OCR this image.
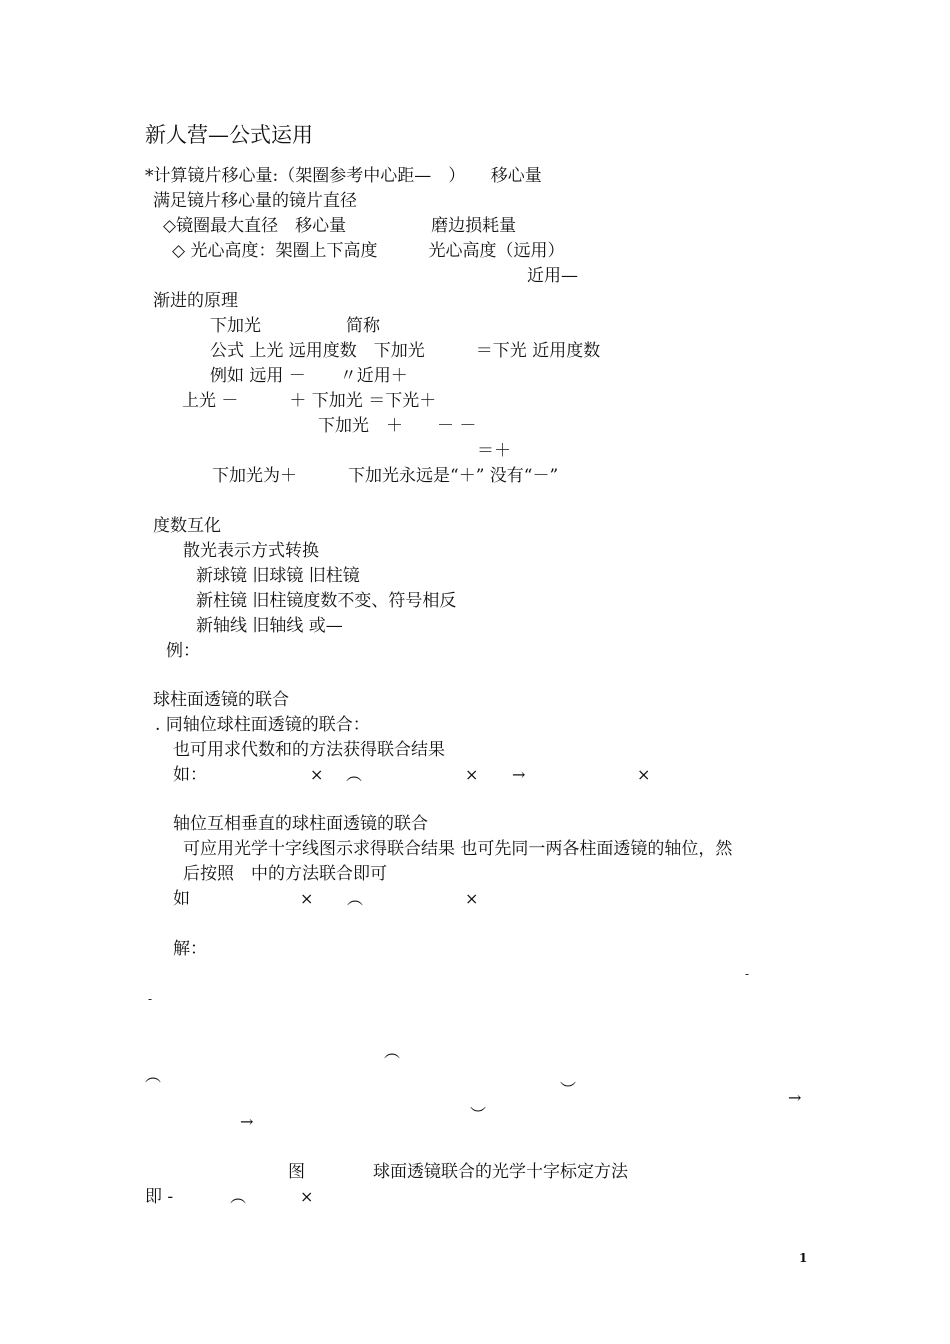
新人营—公式运用
*计算镜片移心量:（架圈参考中心距—　）　　移心量
满足镜片移心量的镜片直径
◇镜圈最大直径　移心量　　　　　磨边损耗量
◇ 光心高度：架圈上下高度　　　光心高度（远用）
近用—
渐进的原理
下加光　　　　　简称
公式 上光 远用度数　下加光　　　＝下光 近用度数
例如 远用 －　　〃近用＋
上光 －　　　＋ 下加光 ＝下光＋
下加光　＋　　－ －
＝＋
下加光为＋　　　下加光永远是“＋” 没有“－”
度数互化
散光表示方式转换
新球镜 旧球镜 旧柱镜
新柱镜 旧柱镜度数不变、符号相反
新轴线 旧轴线 或—
例：
球柱面透镜的联合
. 同轴位球柱面透镜的联合：
也可用求代数和的方法获得联合结果
如：	× ︵	× →	×
轴位互相垂直的球柱面透镜的联合
可应用光学十字线图示求得联合结果 也可先同一两各柱面透镜的轴位，然
后按照　中的方法联合即可
如	× ︵	×
解：
-
-
︵
︵
︶	→
︶
→
图　　　　球面透镜联合的光学十字标定方法
即 -	︵	×
1
